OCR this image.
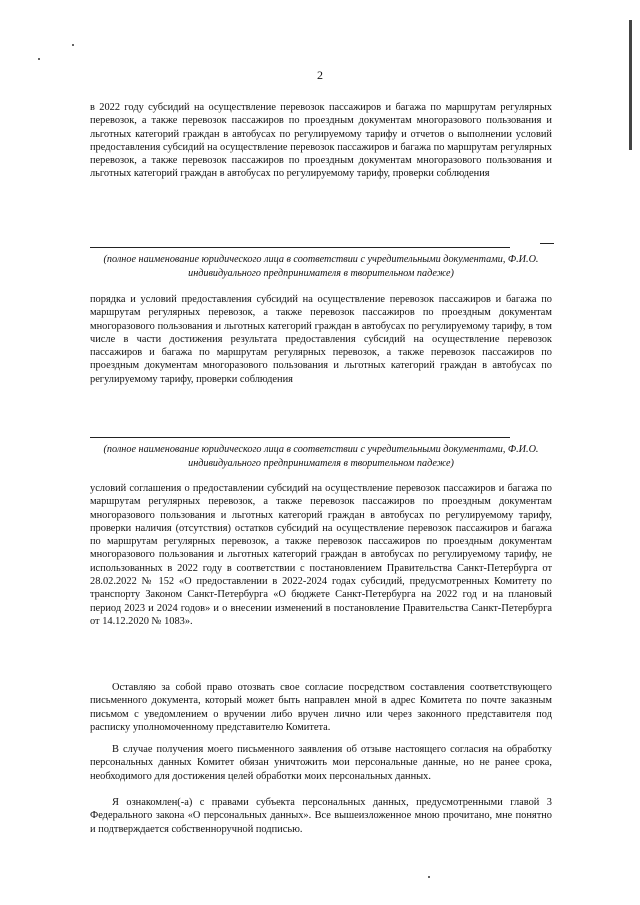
2

в 2022 году субсидий на осуществление перевозок пассажиров и багажа по маршрутам регулярных перевозок, а также перевозок пассажиров по проездным документам многоразового пользования и льготных категорий граждан в автобусах по регулируемому тарифу и отчетов о выполнении условий предоставления субсидий на осуществление перевозок пассажиров и багажа по маршрутам регулярных перевозок, а также перевозок пассажиров по проездным документам многоразового пользования и льготных категорий граждан в автобусах по регулируемому тарифу, проверки соблюдения

(полное наименование юридического лица в соответствии с учредительными документами, Ф.И.О. индивидуального предпринимателя в творительном падеже)

порядка и условий предоставления субсидий на осуществление перевозок пассажиров и багажа по маршрутам регулярных перевозок, а также перевозок пассажиров по проездным документам многоразового пользования и льготных категорий граждан в автобусах по регулируемому тарифу, в том числе в части достижения результата предоставления субсидий на осуществление перевозок пассажиров и багажа по маршрутам регулярных перевозок, а также перевозок пассажиров по проездным документам многоразового пользования и льготных категорий граждан в автобусах по регулируемому тарифу, проверки соблюдения

(полное наименование юридического лица в соответствии с учредительными документами, Ф.И.О. индивидуального предпринимателя в творительном падеже)

условий соглашения о предоставлении субсидий на осуществление перевозок пассажиров и багажа по маршрутам регулярных перевозок, а также перевозок пассажиров по проездным документам многоразового пользования и льготных категорий граждан в автобусах по регулируемому тарифу, проверки наличия (отсутствия) остатков субсидий на осуществление перевозок пассажиров и багажа по маршрутам регулярных перевозок, а также перевозок пассажиров по проездным документам многоразового пользования и льготных категорий граждан в автобусах по регулируемому тарифу, не использованных в 2022 году в соответствии с постановлением Правительства Санкт-Петербурга от 28.02.2022 № 152 «О предоставлении в 2022-2024 годах субсидий, предусмотренных Комитету по транспорту Законом Санкт-Петербурга «О бюджете Санкт-Петербурга на 2022 год и на плановый период 2023 и 2024 годов» и о внесении изменений в постановление Правительства Санкт-Петербурга от 14.12.2020 № 1083».

Оставляю за собой право отозвать свое согласие посредством составления соответствующего письменного документа, который может быть направлен мной в адрес Комитета по почте заказным письмом с уведомлением о вручении либо вручен лично или через законного представителя под расписку уполномоченному представителю Комитета.

В случае получения моего письменного заявления об отзыве настоящего согласия на обработку персональных данных Комитет обязан уничтожить мои персональные данные, но не ранее срока, необходимого для достижения целей обработки моих персональных данных.

Я ознакомлен(-а) с правами субъекта персональных данных, предусмотренными главой 3 Федерального закона «О персональных данных». Все вышеизложенное мною прочитано, мне понятно и подтверждается собственноручной подписью.
